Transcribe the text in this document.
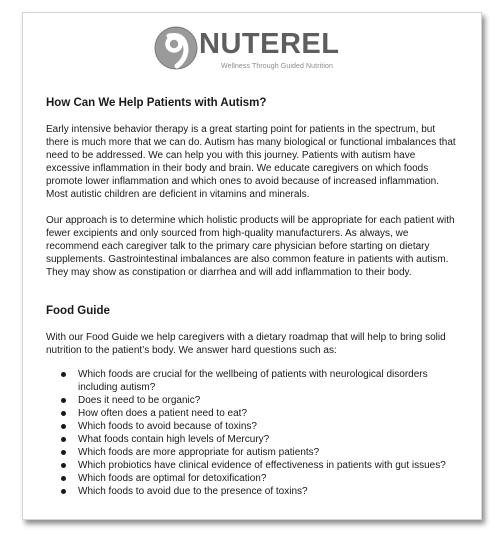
NUTEREL
Wellness Through Guided Nutrition
How Can We Help Patients with Autism?

Early intensive behavior therapy is a great starting point for patients in the spectrum, but there is much more that we can do. Autism has many biological or functional imbalances that need to be addressed. We can help you with this journey. Patients with autism have excessive inflammation in their body and brain. We educate caregivers on which foods promote lower inflammation and which ones to avoid because of increased inflammation. Most autistic children are deficient in vitamins and minerals.

Our approach is to determine which holistic products will be appropriate for each patient with fewer excipients and only sourced from high-quality manufacturers. As always, we recommend each caregiver talk to the primary care physician before starting on dietary supplements. Gastrointestinal imbalances are also common feature in patients with autism. They may show as constipation or diarrhea and will add inflammation to their body.

Food Guide

With our Food Guide we help caregivers with a dietary roadmap that will help to bring solid nutrition to the patient’s body. We answer hard questions such as:

Which foods are crucial for the wellbeing of patients with neurological disorders including autism?
Does it need to be organic?
How often does a patient need to eat?
Which foods to avoid because of toxins?
What foods contain high levels of Mercury?
Which foods are more appropriate for autism patients?
Which probiotics have clinical evidence of effectiveness in patients with gut issues?
Which foods are optimal for detoxification?
Which foods to avoid due to the presence of toxins?
